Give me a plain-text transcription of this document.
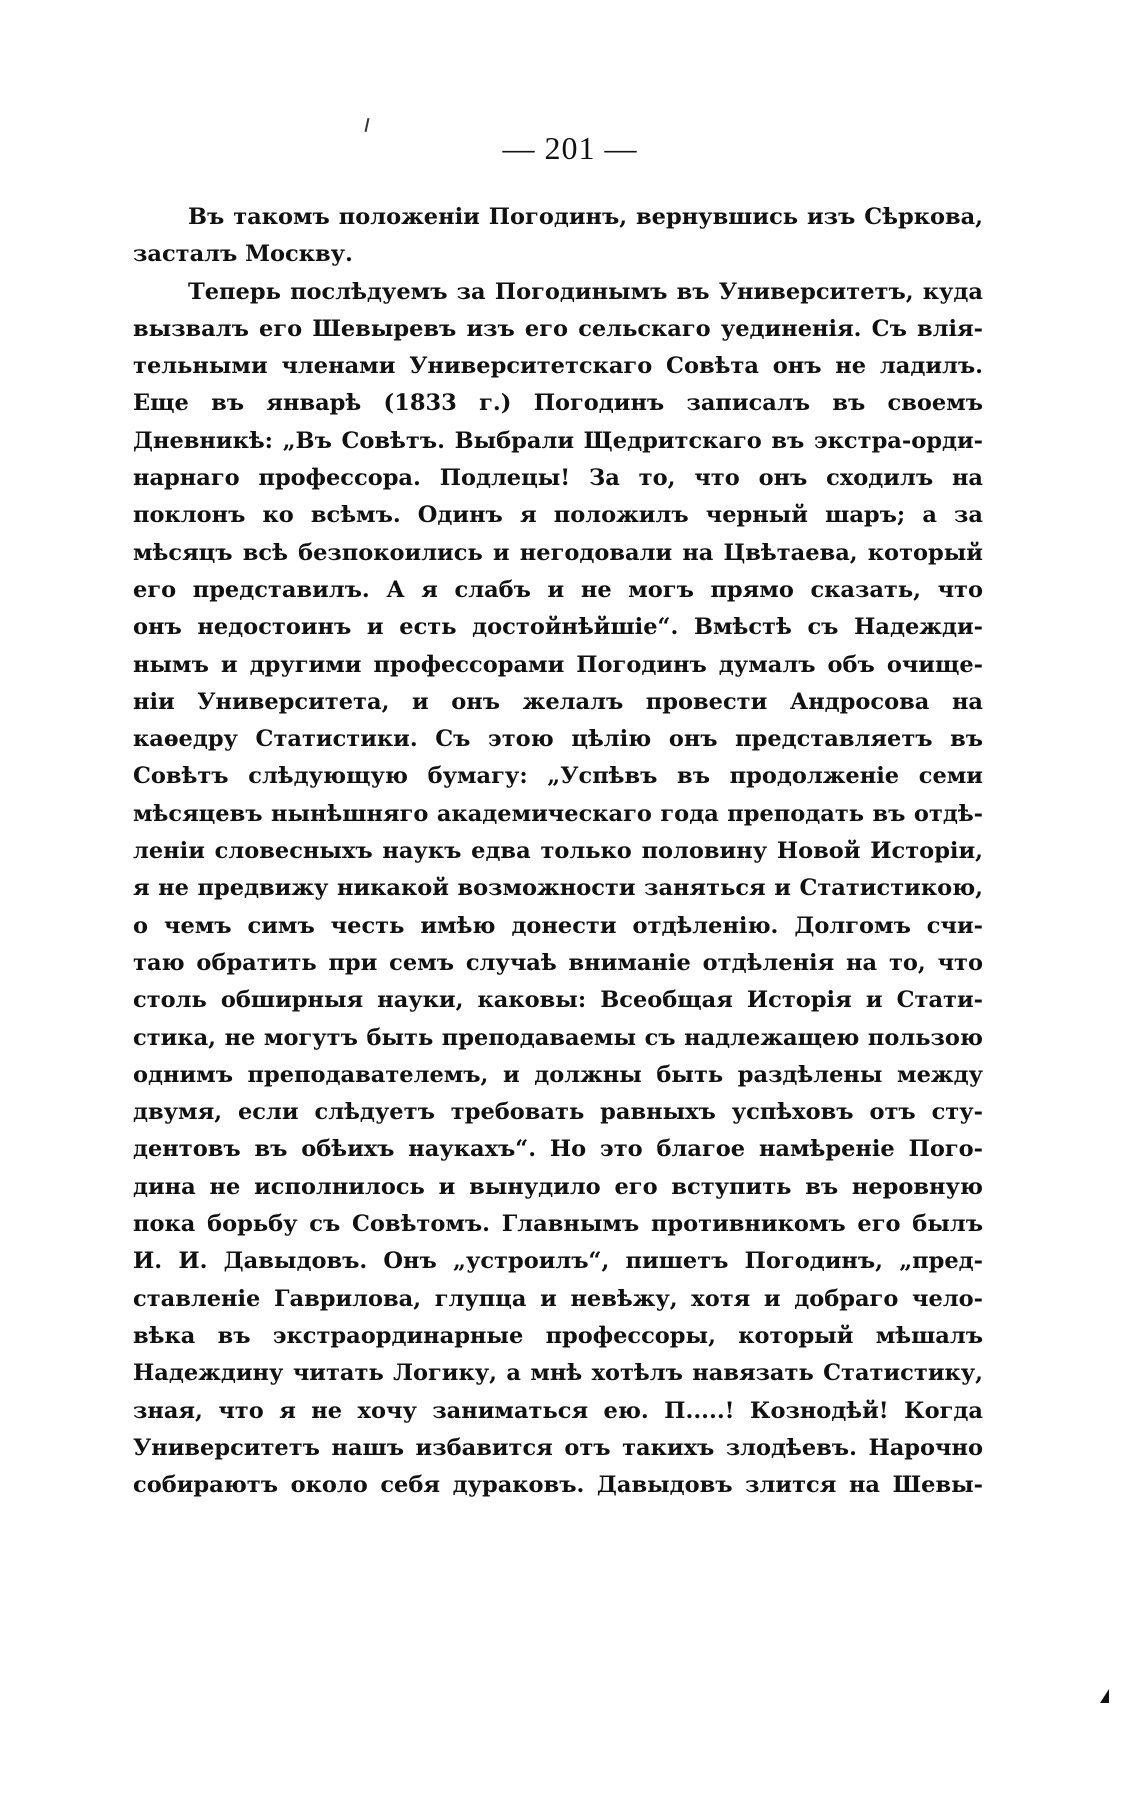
— 201 —
Въ такомъ положеніи Погодинъ, вернувшись изъ Сѣркова,
засталъ Москву.
Теперь послѣдуемъ за Погодинымъ въ Университетъ, куда
вызвалъ его Шевыревъ изъ его сельскаго уединенія. Съ влія-
тельными членами Университетскаго Совѣта онъ не ладилъ.
Еще въ январѣ (1833 г.) Погодинъ записалъ въ своемъ
Дневникѣ: „Въ Совѣтъ. Выбрали Щедритскаго въ экстра-орди-
нарнаго профессора. Подлецы! За то, что онъ сходилъ на
поклонъ ко всѣмъ. Одинъ я положилъ черный шаръ; а за
мѣсяцъ всѣ безпокоились и негодовали на Цвѣтаева, который
его представилъ. А я слабъ и не могъ прямо сказать, что
онъ недостоинъ и есть достойнѣйшіе“. Вмѣстѣ съ Надежди-
нымъ и другими профессорами Погодинъ думалъ объ очище-
ніи Университета, и онъ желалъ провести Андросова на
каѳедру Статистики. Съ этою цѣлію онъ представляетъ въ
Совѣтъ слѣдующую бумагу: „Успѣвъ въ продолженіе семи
мѣсяцевъ нынѣшняго академическаго года преподать въ отдѣ-
леніи словесныхъ наукъ едва только половину Новой Исторіи,
я не предвижу никакой возможности заняться и Статистикою,
о чемъ симъ честь имѣю донести отдѣленію. Долгомъ счи-
таю обратить при семъ случаѣ вниманіе отдѣленія на то, что
столь обширныя науки, каковы: Всеобщая Исторія и Стати-
стика, не могутъ быть преподаваемы съ надлежащею пользою
однимъ преподавателемъ, и должны быть раздѣлены между
двумя, если слѣдуетъ требовать равныхъ успѣховъ отъ сту-
дентовъ въ обѣихъ наукахъ“. Но это благое намѣреніе Пого-
дина не исполнилось и вынудило его вступить въ неровную
пока борьбу съ Совѣтомъ. Главнымъ противникомъ его былъ
И. И. Давыдовъ. Онъ „устроилъ“, пишетъ Погодинъ, „пред-
ставленіе Гаврилова, глупца и невѣжу, хотя и добраго чело-
вѣка въ экстраординарные профессоры, который мѣшалъ
Надеждину читать Логику, а мнѣ хотѣлъ навязать Статистику,
зная, что я не хочу заниматься ею. П.....! Кознодѣй! Когда
Университетъ нашъ избавится отъ такихъ злодѣевъ. Нарочно
собираютъ около себя дураковъ. Давыдовъ злится на Шевы-
